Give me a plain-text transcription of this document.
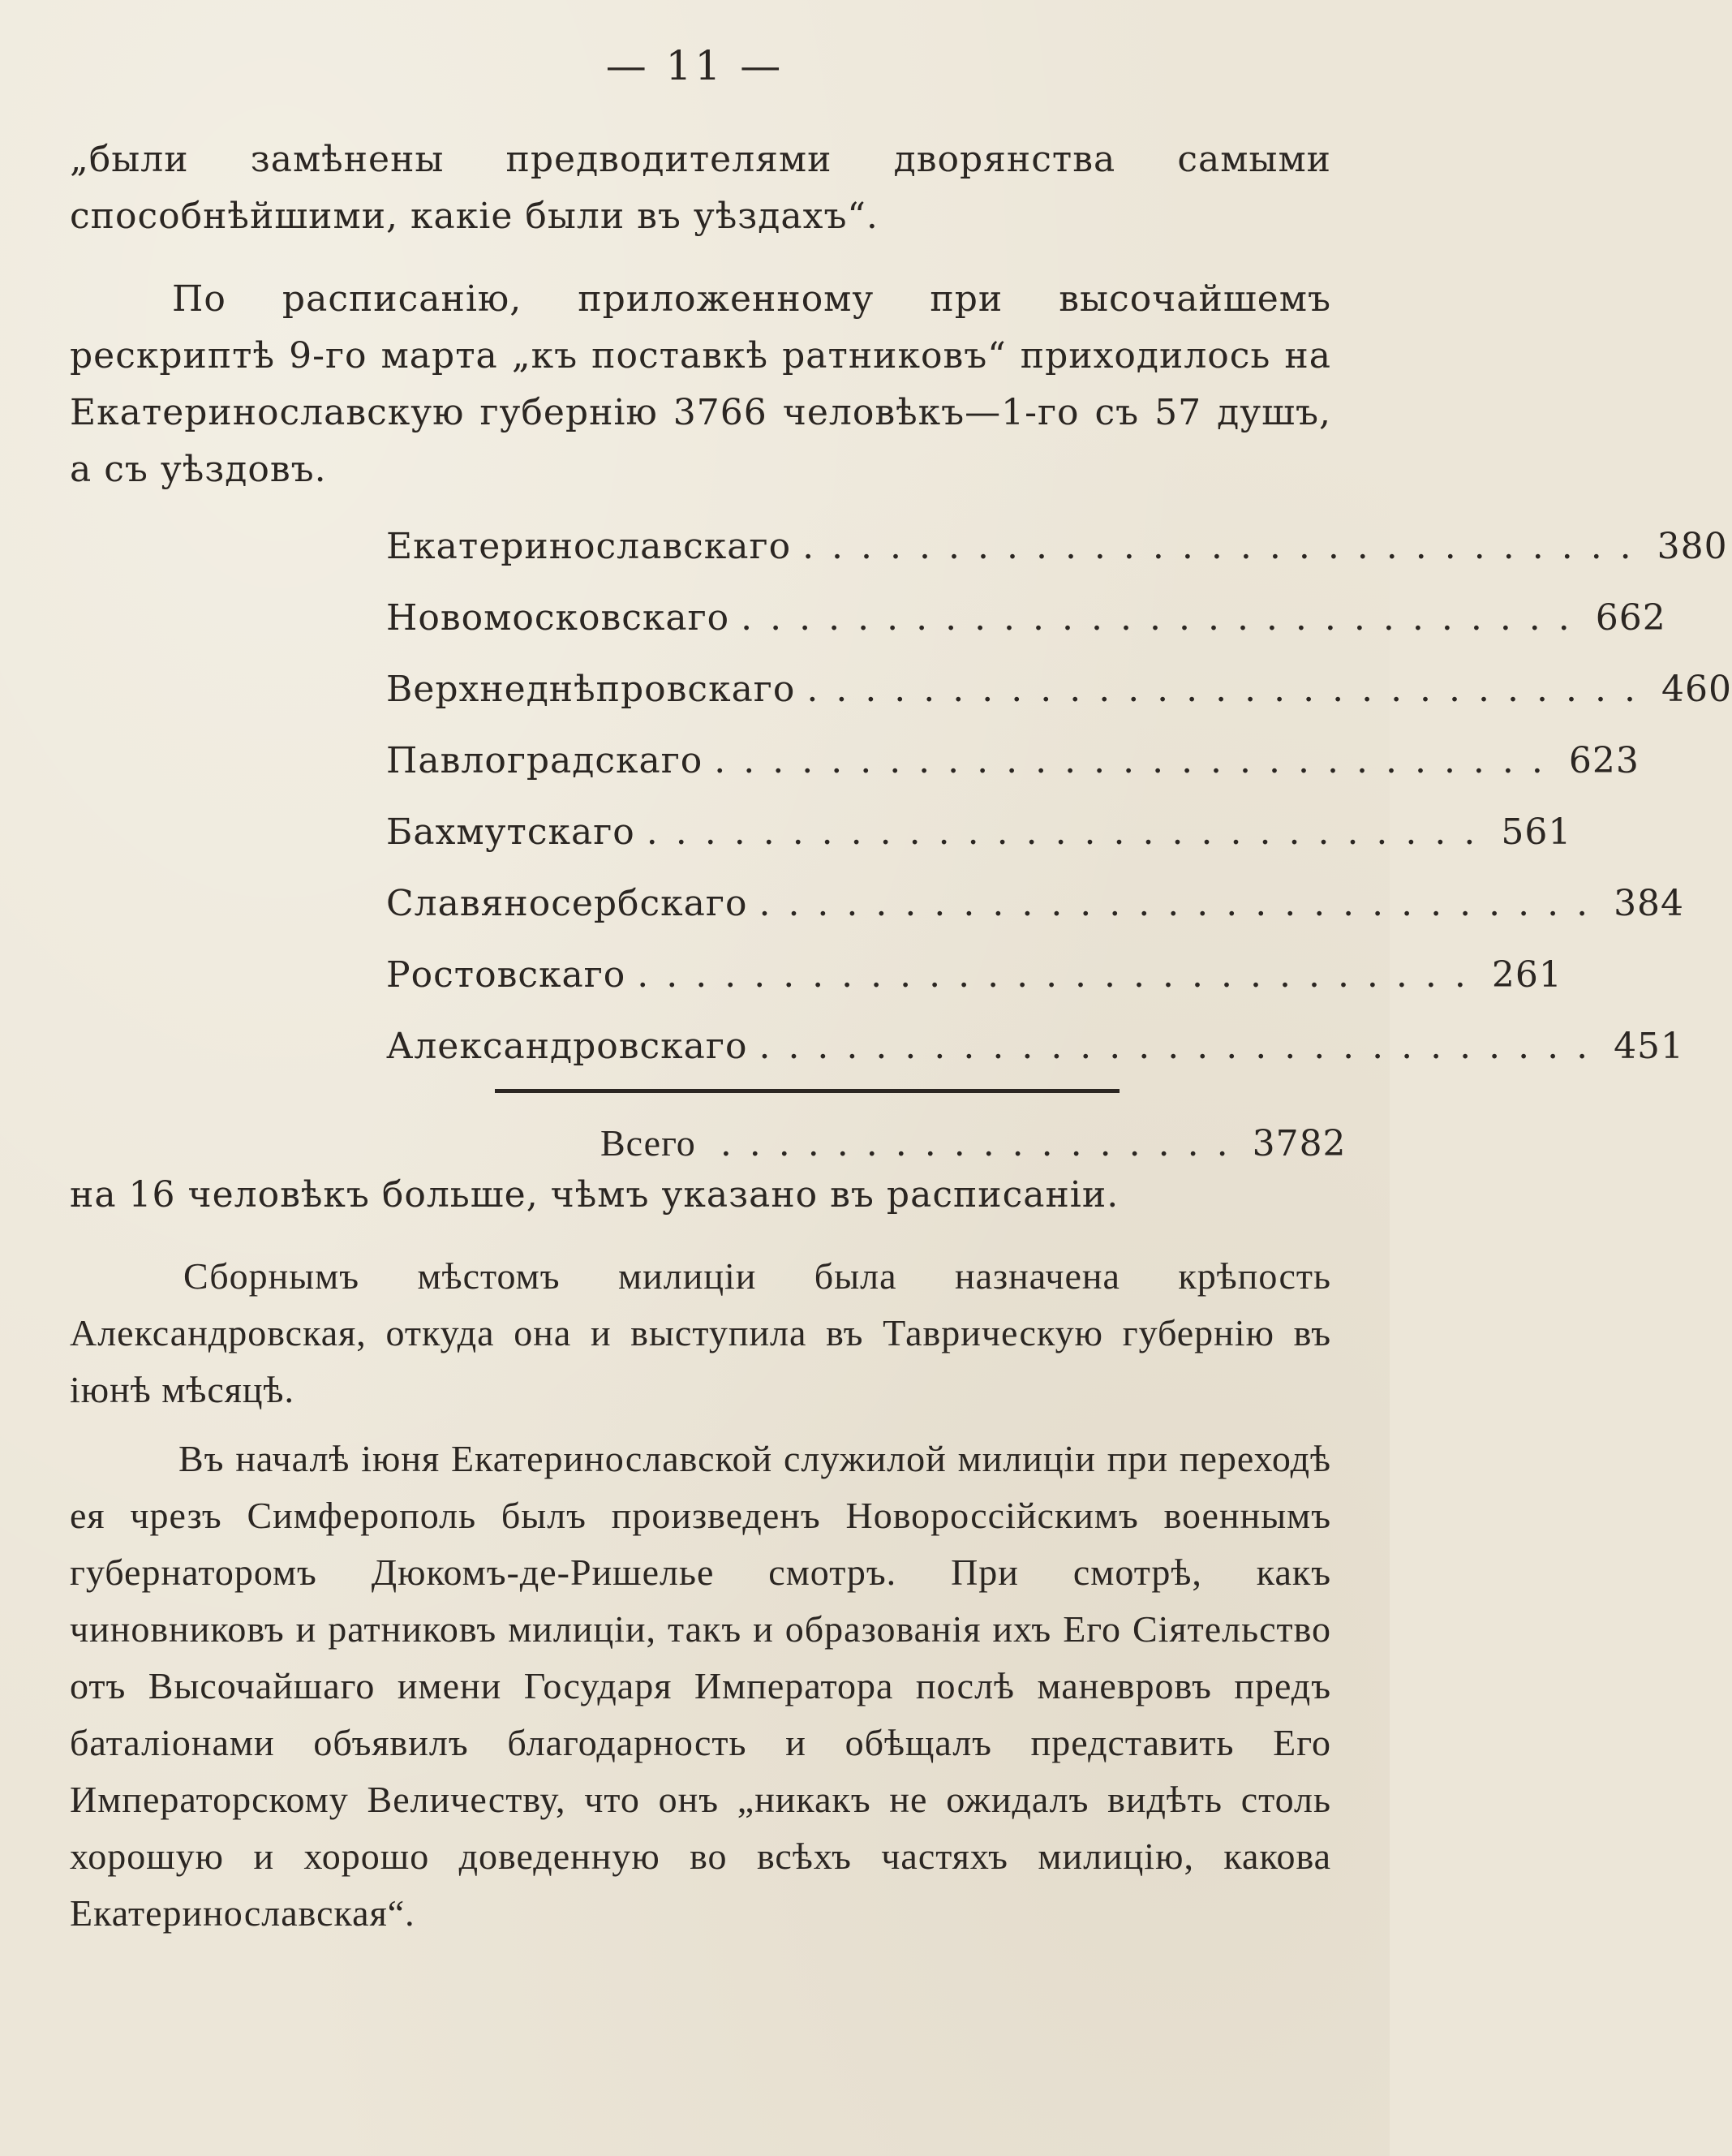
— 11 —

„были замѣнены предводителями дворянства самыми способнѣйшими, какіе были въ уѣздахъ“.

По расписанію, приложенному при высочайшемъ рескриптѣ 9-го марта „къ поставкѣ ратниковъ“ приходилось на Екатеринославскую губернію 3766 человѣкъ—1-го съ 57 душъ, а съ уѣздовъ.

Екатеринославскаго ............................. 380
Новомосковскаго ............................. 662
Верхнеднѣпровскаго ............................. 460
Павлоградскаго ............................. 623
Бахмутскаго ............................. 561
Славяносербскаго ............................. 384
Ростовскаго ............................. 261
Александровскаго ............................. 451
Всего .................. 3782

на 16 человѣкъ больше, чѣмъ указано въ расписаніи.

Сборнымъ мѣстомъ милиціи была назначена крѣпость Александровская, откуда она и выступила въ Таврическую губернію въ іюнѣ мѣсяцѣ.

Въ началѣ іюня Екатеринославской служилой милиціи при переходѣ ея чрезъ Симферополь былъ произведенъ Новороссійскимъ военнымъ губернаторомъ Дюкомъ-де-Ришелье смотръ. При смотрѣ, какъ чиновниковъ и ратниковъ милиціи, такъ и образованія ихъ Его Сіятельство отъ Высочайшаго имени Государя Императора послѣ маневровъ предъ баталіонами объявилъ благодарность и обѣщалъ представить Его Императорскому Величеству, что онъ „никакъ не ожидалъ видѣть столь хорошую и хорошо доведенную во всѣхъ частяхъ милицію, какова Екатеринославская“.
